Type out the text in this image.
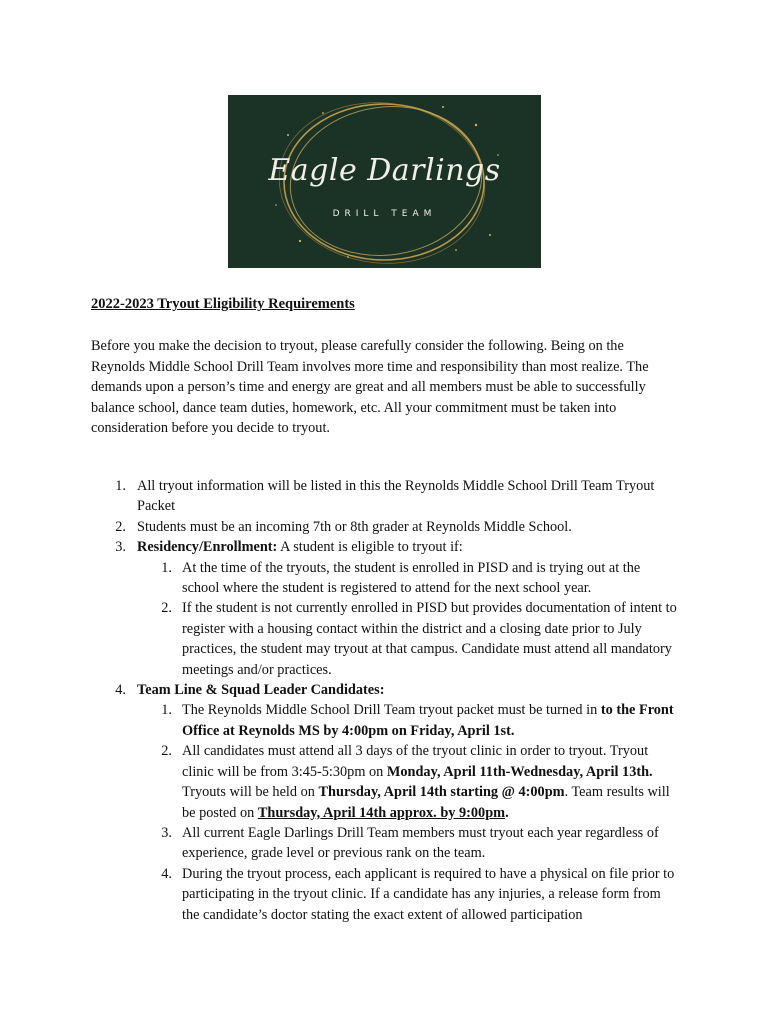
Eagle Darlings
DRILL TEAM
2022-2023 Tryout Eligibility Requirements

Before you make the decision to tryout, please carefully consider the following. Being on the Reynolds Middle School Drill Team involves more time and responsibility than most realize. The demands upon a person’s time and energy are great and all members must be able to successfully balance school, dance team duties, homework, etc. All your commitment must be taken into consideration before you decide to tryout.

1. All tryout information will be listed in this the Reynolds Middle School Drill Team Tryout Packet
2. Students must be an incoming 7th or 8th grader at Reynolds Middle School.
3. Residency/Enrollment: A student is eligible to tryout if:
1. At the time of the tryouts, the student is enrolled in PISD and is trying out at the school where the student is registered to attend for the next school year.
2. If the student is not currently enrolled in PISD but provides documentation of intent to register with a housing contact within the district and a closing date prior to July practices, the student may tryout at that campus. Candidate must attend all mandatory meetings and/or practices.
4. Team Line & Squad Leader Candidates:
1. The Reynolds Middle School Drill Team tryout packet must be turned in to the Front Office at Reynolds MS by 4:00pm on Friday, April 1st.
2. All candidates must attend all 3 days of the tryout clinic in order to tryout. Tryout clinic will be from 3:45-5:30pm on Monday, April 11th-Wednesday, April 13th. Tryouts will be held on Thursday, April 14th starting @ 4:00pm. Team results will be posted on Thursday, April 14th approx. by 9:00pm.
3. All current Eagle Darlings Drill Team members must tryout each year regardless of experience, grade level or previous rank on the team.
4. During the tryout process, each applicant is required to have a physical on file prior to participating in the tryout clinic. If a candidate has any injuries, a release form from the candidate’s doctor stating the exact extent of allowed participation
